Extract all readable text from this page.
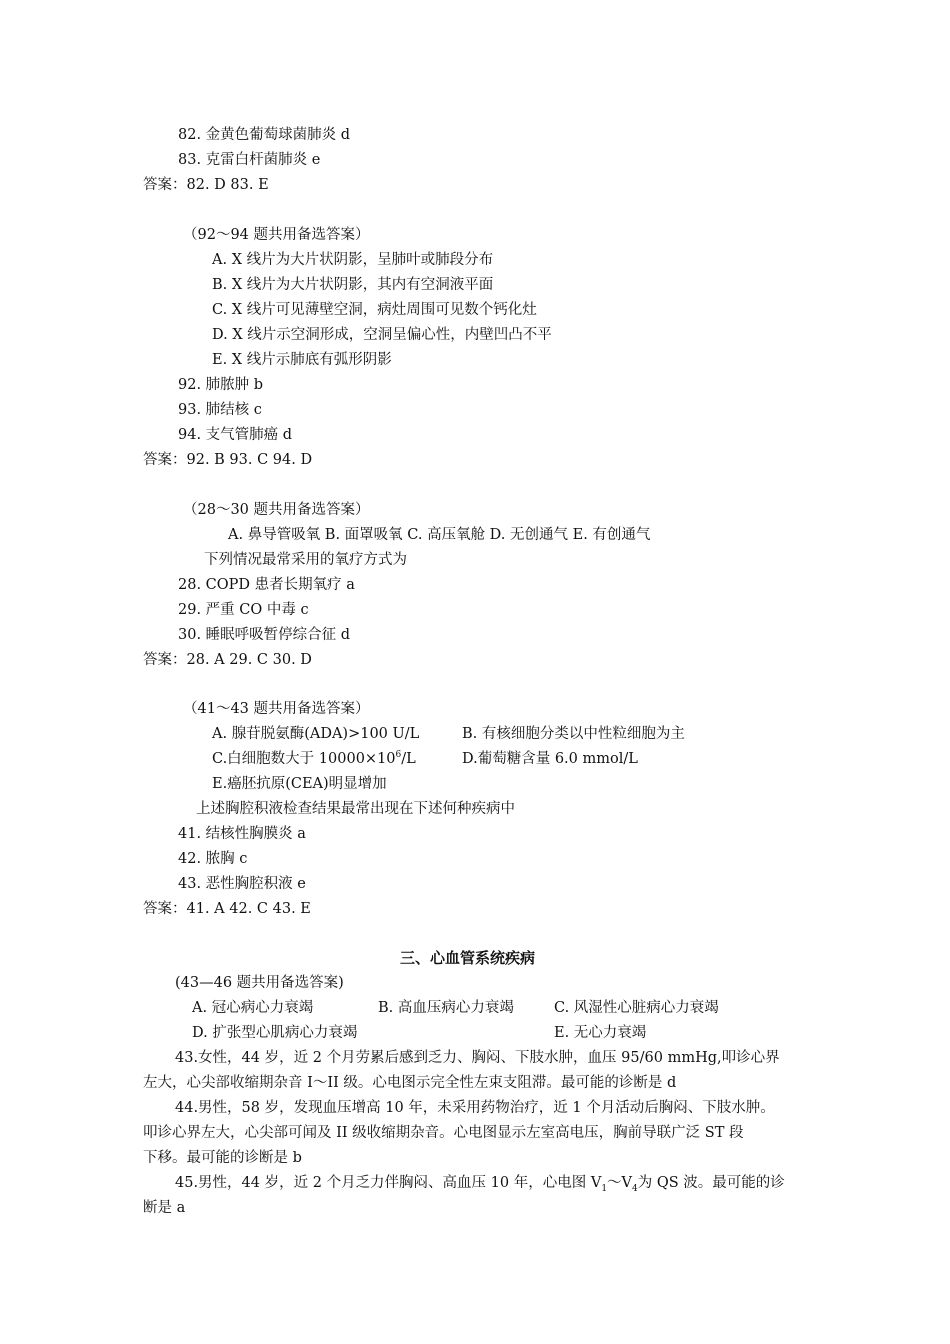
82. 金黄色葡萄球菌肺炎 d
83. 克雷白杆菌肺炎 e
答案：82. D 83. E
（92～94 题共用备选答案）
A. X 线片为大片状阴影，呈肺叶或肺段分布
B. X 线片为大片状阴影，其内有空洞液平面
C. X 线片可见薄壁空洞，病灶周围可见数个钙化灶
D. X 线片示空洞形成，空洞呈偏心性，内壁凹凸不平
E. X 线片示肺底有弧形阴影
92. 肺脓肿 b
93. 肺结核 c
94. 支气管肺癌 d
答案：92. B 93. C 94. D
（28～30 题共用备选答案）
A. 鼻导管吸氧 B. 面罩吸氧 C. 高压氧舱 D. 无创通气 E. 有创通气
下列情况最常采用的氧疗方式为
28. COPD 患者长期氧疗 a
29. 严重 CO 中毒 c
30. 睡眠呼吸暂停综合征 d
答案：28. A 29. C 30. D
（41～43 题共用备选答案）
A. 腺苷脱氨酶(ADA)>100 U/L	B. 有核细胞分类以中性粒细胞为主
C.白细胞数大于 $10000\times 10^6/L$	D.葡萄糖含量 6.0 mmol/L
E.癌胚抗原(CEA)明显增加
上述胸腔积液检查结果最常出现在下述何种疾病中
41. 结核性胸膜炎 a
42. 脓胸 c
43. 恶性胸腔积液 e
答案：41. A 42. C 43. E
三、心血管系统疾病
(43—46 题共用备选答案)
A. 冠心病心力衰竭	B. 高血压病心力衰竭	C. 风湿性心脏病心力衰竭
D. 扩张型心肌病心力衰竭	E. 无心力衰竭
43.女性，44 岁，近 2 个月劳累后感到乏力、胸闷、下肢水肿，血压 95/60 mmHg,叩诊心界
左大，心尖部收缩期杂音 I～II 级。心电图示完全性左束支阻滞。最可能的诊断是 d
44.男性，58 岁，发现血压增高 10 年，未采用药物治疗，近 1 个月活动后胸闷、下肢水肿。
叩诊心界左大，心尖部可闻及 II 级收缩期杂音。心电图显示左室高电压，胸前导联广泛 ST 段
下移。最可能的诊断是 b
45.男性，44 岁，近 2 个月乏力伴胸闷、高血压 10 年，心电图 $V_1\sim V_4$为 QS 波。最可能的诊
断是 a
